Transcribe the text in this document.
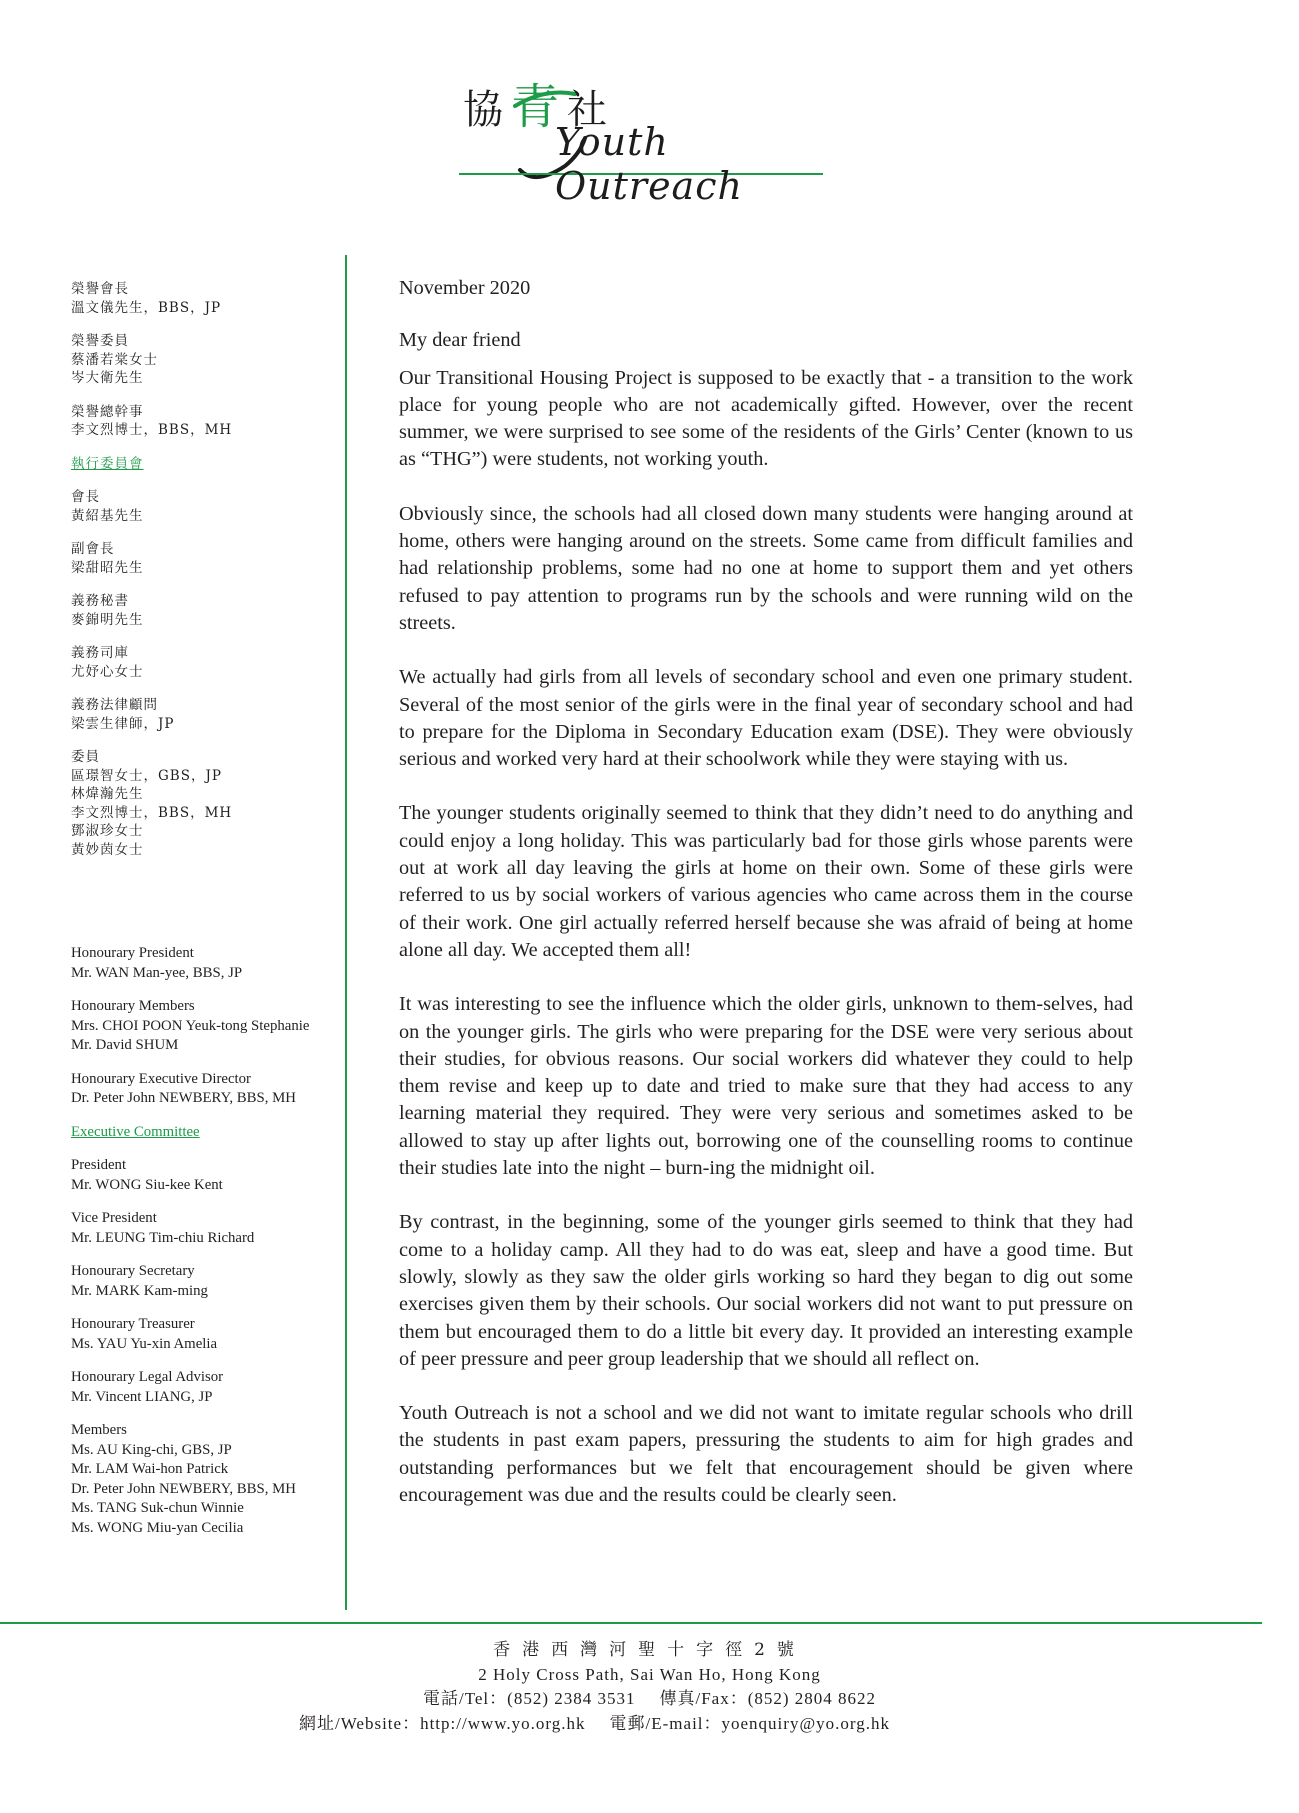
協青社
Youth Outreach
榮譽會長
溫文儀先生，BBS，JP
榮譽委員
蔡潘若棠女士
岑大衛先生
榮譽總幹事
李文烈博士，BBS，MH
執行委員會
會長
黃紹基先生
副會長
梁甜昭先生
義務秘書
麥錦明先生
義務司庫
尤妤心女士
義務法律顧問
梁雲生律師，JP
委員
區璟智女士，GBS，JP
林煒瀚先生
李文烈博士，BBS，MH
鄧淑珍女士
黃妙茵女士
Honourary President
Mr. WAN Man-yee, BBS, JP
Honourary Members
Mrs. CHOI POON Yeuk-tong Stephanie
Mr. David SHUM
Honourary Executive Director
Dr. Peter John NEWBERY, BBS, MH
Executive Committee
President
Mr. WONG Siu-kee Kent
Vice President
Mr. LEUNG Tim-chiu Richard
Honourary Secretary
Mr. MARK Kam-ming
Honourary Treasurer
Ms. YAU Yu-xin Amelia
Honourary Legal Advisor
Mr. Vincent LIANG, JP
Members
Ms. AU King-chi, GBS, JP
Mr. LAM Wai-hon Patrick
Dr. Peter John NEWBERY, BBS, MH
Ms. TANG Suk-chun Winnie
Ms. WONG Miu-yan Cecilia
November 2020
My dear friend

Our Transitional Housing Project is supposed to be exactly that - a transition to the work place for young people who are not academically gifted. However, over the recent summer, we were surprised to see some of the residents of the Girls’ Center (known to us as “THG”) were students, not working youth.

Obviously since, the schools had all closed down many students were hanging around at home, others were hanging around on the streets. Some came from difficult families and had relationship problems, some had no one at home to support them and yet others refused to pay attention to programs run by the schools and were running wild on the streets.

We actually had girls from all levels of secondary school and even one primary student. Several of the most senior of the girls were in the final year of secondary school and had to prepare for the Diploma in Secondary Education exam (DSE). They were obviously serious and worked very hard at their schoolwork while they were staying with us.

The younger students originally seemed to think that they didn’t need to do anything and could enjoy a long holiday. This was particularly bad for those girls whose parents were out at work all day leaving the girls at home on their own. Some of these girls were referred to us by social workers of various agencies who came across them in the course of their work. One girl actually referred herself because she was afraid of being at home alone all day. We accepted them all!

It was interesting to see the influence which the older girls, unknown to them-selves, had on the younger girls. The girls who were preparing for the DSE were very serious about their studies, for obvious reasons. Our social workers did whatever they could to help them revise and keep up to date and tried to make sure that they had access to any learning material they required. They were very serious and sometimes asked to be allowed to stay up after lights out, borrowing one of the counselling rooms to continue their studies late into the night – burn-ing the midnight oil.

By contrast, in the beginning, some of the younger girls seemed to think that they had come to a holiday camp. All they had to do was eat, sleep and have a good time. But slowly, slowly as they saw the older girls working so hard they began to dig out some exercises given them by their schools. Our social workers did not want to put pressure on them but encouraged them to do a little bit every day. It provided an interesting example of peer pressure and peer group leadership that we should all reflect on.

Youth Outreach is not a school and we did not want to imitate regular schools who drill the students in past exam papers, pressuring the students to aim for high grades and outstanding performances but we felt that encouragement should be given where encouragement was due and the results could be clearly seen.

香港西灣河聖十字徑2號
2 Holy Cross Path, Sai Wan Ho, Hong Kong
電話/Tel：(852) 2384 3531 傳真/Fax：(852) 2804 8622
網址/Website：http://www.yo.org.hk 電郵/E-mail：yoenquiry@yo.org.hk
